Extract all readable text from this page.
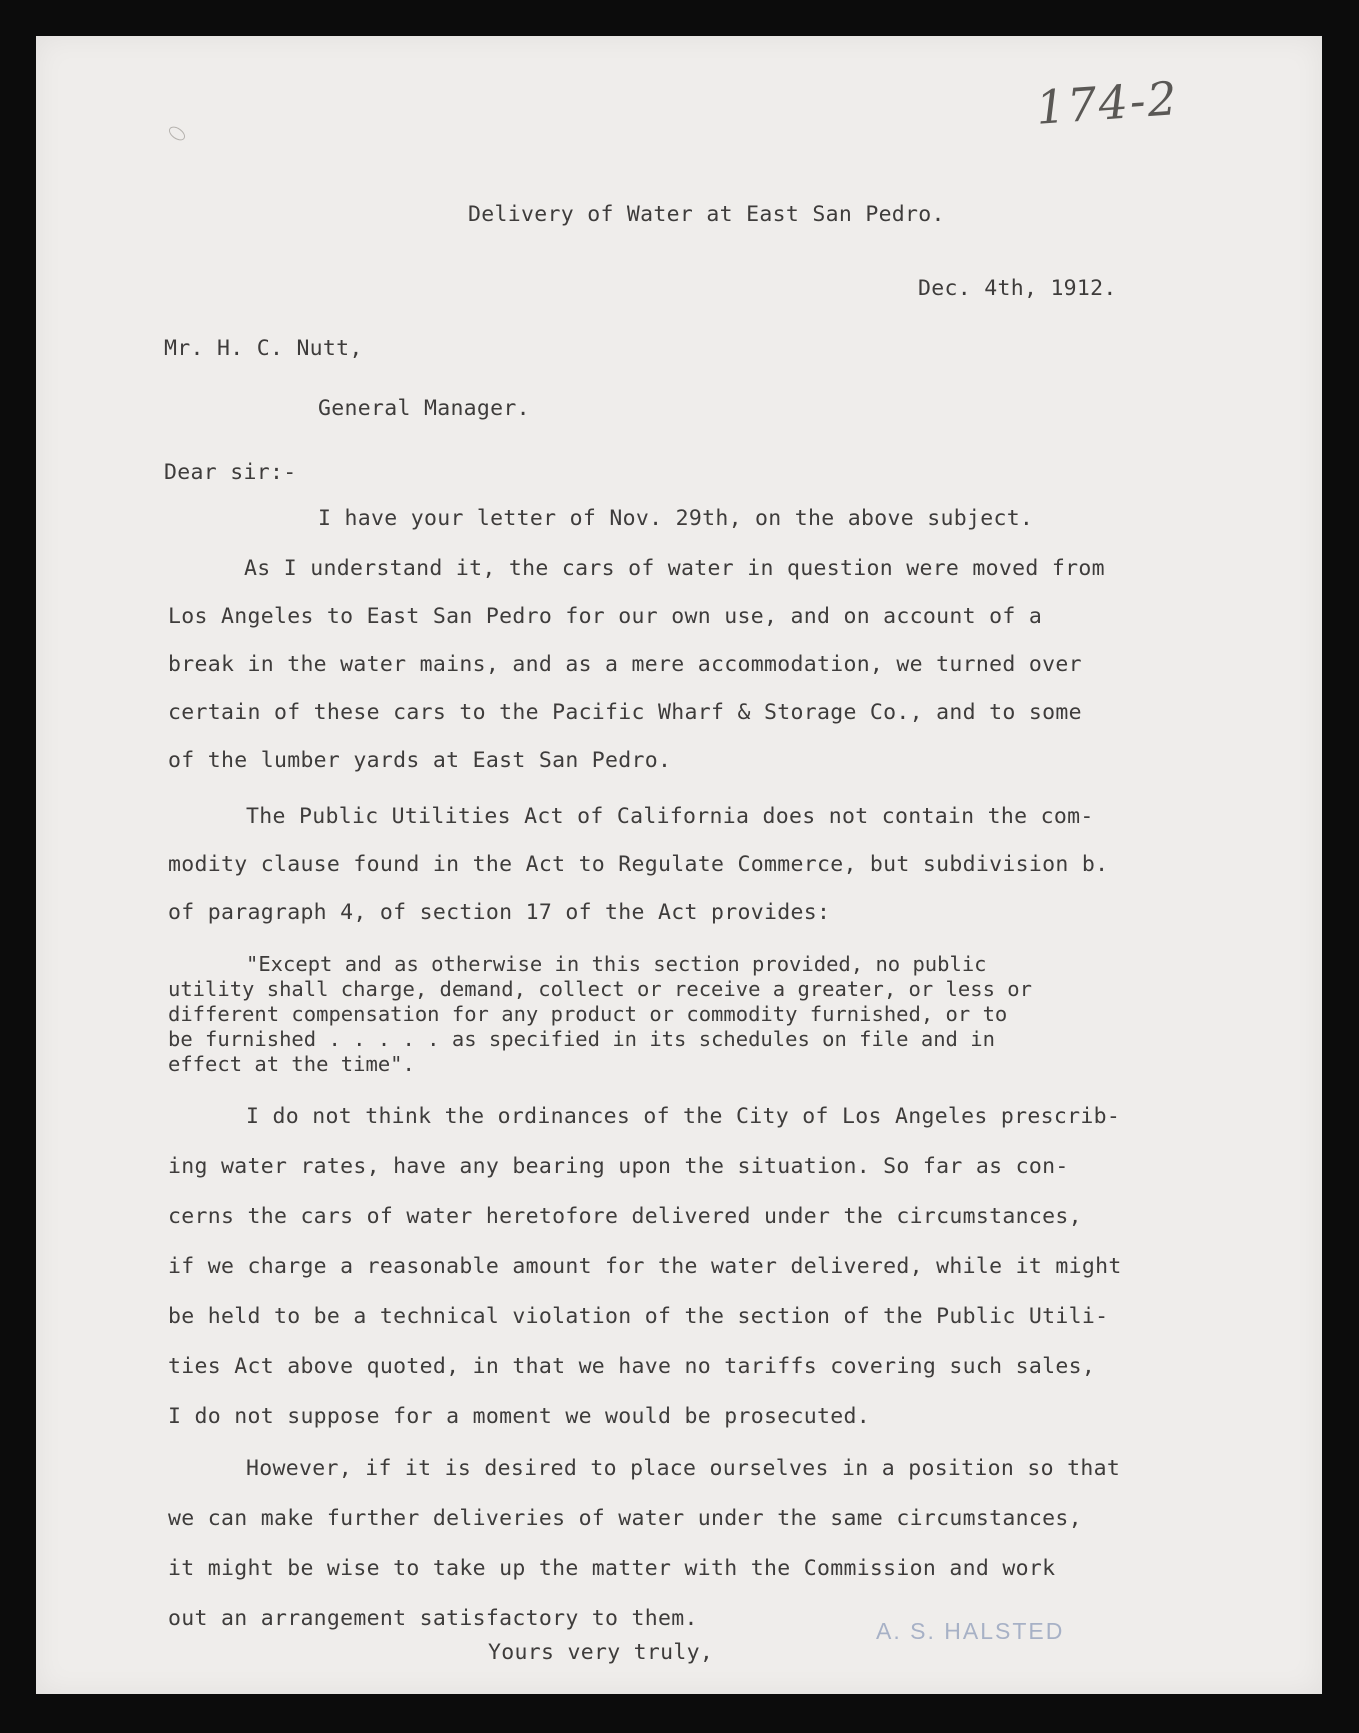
174-2
Delivery of Water at East San Pedro.
Dec. 4th, 1912.
Mr. H. C. Nutt,
General Manager.
Dear sir:-
I have your letter of Nov. 29th, on the above subject.
As I understand it, the cars of water in question were moved from
Los Angeles to East San Pedro for our own use, and on account of a
break in the water mains, and as a mere accommodation, we turned over
certain of these cars to the Pacific Wharf & Storage Co., and to some
of the lumber yards at East San Pedro.
The Public Utilities Act of California does not contain the com-
modity clause found in the Act to Regulate Commerce, but subdivision b.
of paragraph 4, of section 17 of the Act provides:
"Except and as otherwise in this section provided, no public
utility shall charge, demand, collect or receive a greater, or less or
different compensation for any product or commodity furnished, or to
be furnished . . . . . as specified in its schedules on file and in
effect at the time".
I do not think the ordinances of the City of Los Angeles prescrib-
ing water rates, have any bearing upon the situation. So far as con-
cerns the cars of water heretofore delivered under the circumstances,
if we charge a reasonable amount for the water delivered, while it might
be held to be a technical violation of the section of the Public Utili-
ties Act above quoted, in that we have no tariffs covering such sales,
I do not suppose for a moment we would be prosecuted.
However, if it is desired to place ourselves in a position so that
we can make further deliveries of water under the same circumstances,
it might be wise to take up the matter with the Commission and work
out an arrangement satisfactory to them.	A. S. HALSTED
Yours very truly,
